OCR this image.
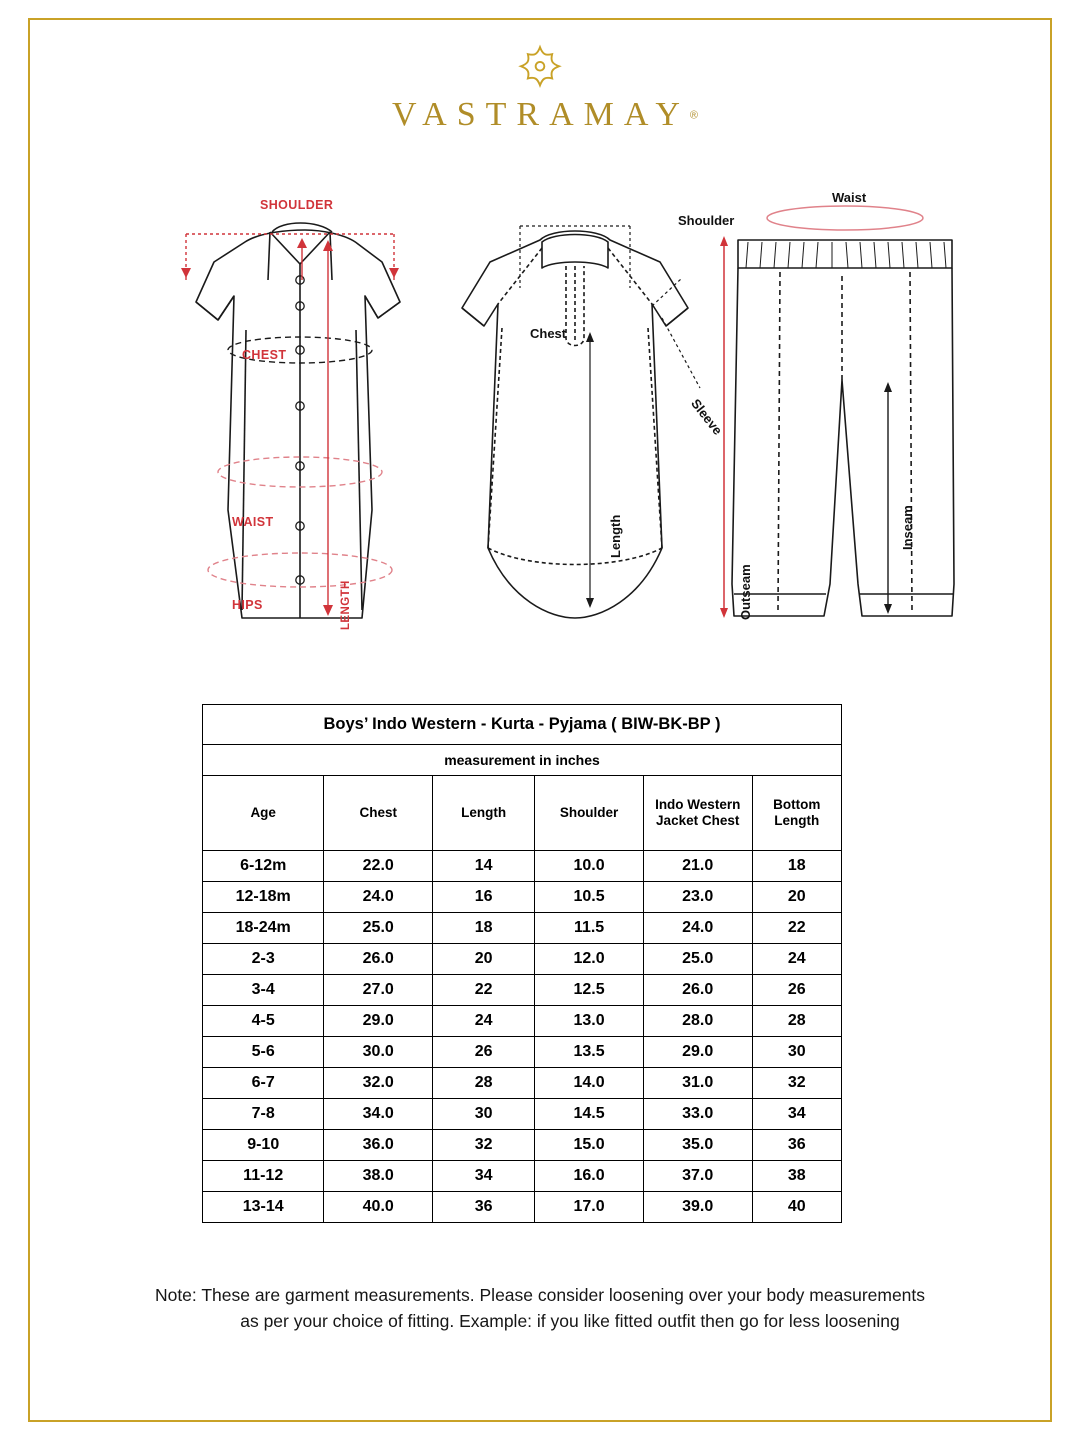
VASTRAMAY®
SHOULDER
CHEST
WAIST
HIPS	LENGTH
Shoulder
Chest
Sleeve
Length
Waist
Outseam
Inseam
Boys’ Indo Western - Kurta - Pyjama ( BIW-BK-BP )					
measurement in inches					
Age	Chest	Length	Shoulder	Indo Western Jacket Chest	Bottom Length
6-12m	22.0	14	10.0	21.0	18
12-18m	24.0	16	10.5	23.0	20
18-24m	25.0	18	11.5	24.0	22
2-3	26.0	20	12.0	25.0	24
3-4	27.0	22	12.5	26.0	26
4-5	29.0	24	13.0	28.0	28
5-6	30.0	26	13.5	29.0	30
6-7	32.0	28	14.0	31.0	32
7-8	34.0	30	14.5	33.0	34
9-10	36.0	32	15.0	35.0	36
11-12	38.0	34	16.0	37.0	38
13-14	40.0	36	17.0	39.0	40
Note: These are garment measurements. Please consider loosening over your body measurements
as per your choice of fitting. Example: if you like fitted outfit then go for less loosening
